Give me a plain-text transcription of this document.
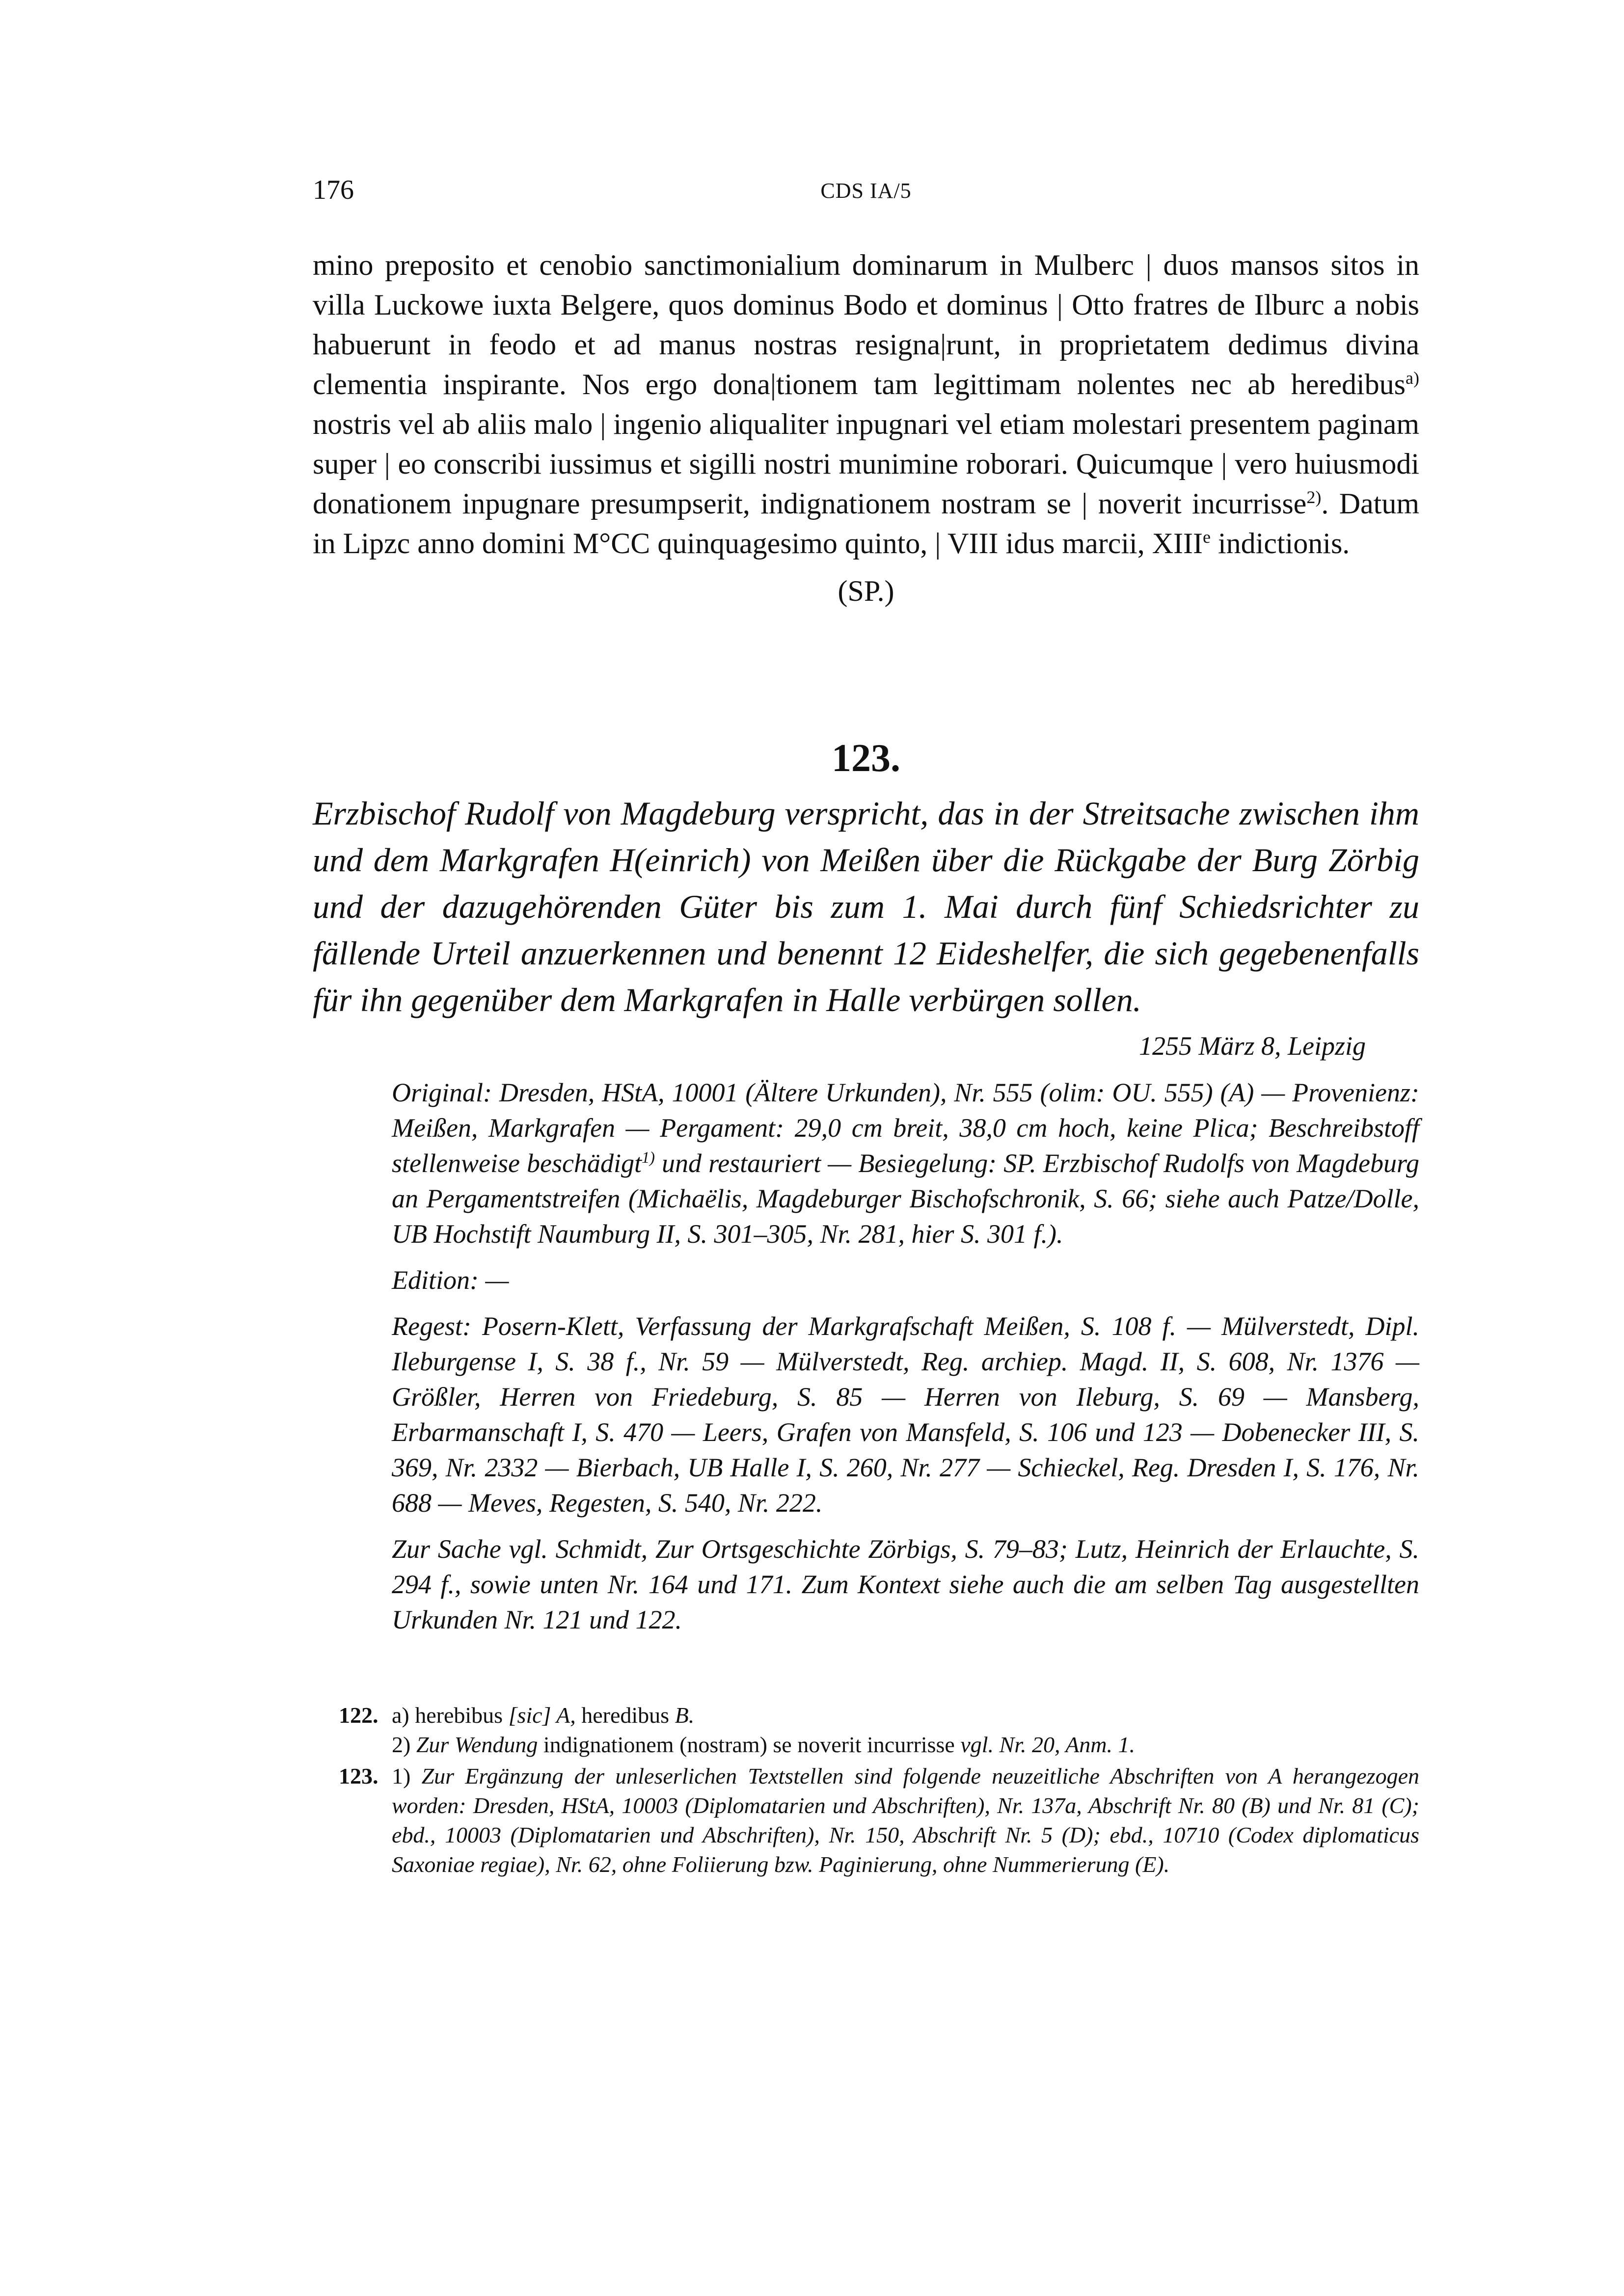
176	CDS IA/5

mino preposito et cenobio sanctimonialium dominarum in Mulberc | duos mansos sitos in villa Luckowe iuxta Belgere, quos dominus Bodo et dominus | Otto fratres de Ilburc a nobis habuerunt in feodo et ad manus nostras resigna|runt, in proprietatem dedimus divina clementia inspirante. Nos ergo dona|tionem tam legittimam nolentes nec ab heredibus$^{a)}$ nostris vel ab aliis malo | ingenio aliqualiter inpugnari vel etiam molestari presentem paginam super | eo conscribi iussimus et sigilli nostri munimine roborari. Quicumque | vero huiusmodi donationem inpugnare presumpserit, indignationem nostram se | noverit incurrisse$^{2)}$. Datum in Lipzc anno domini M°CC quinquagesimo quinto, | VIII idus marcii, XIIIe indictionis.

(SP.)
123.

Erzbischof Rudolf von Magdeburg verspricht, das in der Streitsache zwischen ihm und dem Markgrafen H(einrich) von Meißen über die Rückgabe der Burg Zörbig und der dazugehörenden Güter bis zum 1. Mai durch fünf Schiedsrichter zu fällende Urteil anzuerkennen und benennt 12 Eideshelfer, die sich gegebenenfalls für ihn gegenüber dem Markgrafen in Halle verbürgen sollen.

1255 März 8, Leipzig

Original: Dresden, HStA, 10001 (Ältere Urkunden), Nr. 555 (olim: OU. 555) (A) — Provenienz: Meißen, Markgrafen — Pergament: 29,0 cm breit, 38,0 cm hoch, keine Plica; Beschreibstoff stellenweise beschädigt$^{1)}$ und restauriert — Besiegelung: SP. Erzbischof Rudolfs von Magdeburg an Pergamentstreifen (Michaëlis, Magdeburger Bischofschronik, S. 66; siehe auch Patze/Dolle, UB Hochstift Naumburg II, S. 301–305, Nr. 281, hier S. 301 f.).

Edition: —

Regest: Posern-Klett, Verfassung der Markgrafschaft Meißen, S. 108 f. — Mülverstedt, Dipl. Ileburgense I, S. 38 f., Nr. 59 — Mülverstedt, Reg. archiep. Magd. II, S. 608, Nr. 1376 — Größler, Herren von Friedeburg, S. 85 — Herren von Ileburg, S. 69 — Mansberg, Erbarmanschaft I, S. 470 — Leers, Grafen von Mansfeld, S. 106 und 123 — Dobenecker III, S. 369, Nr. 2332 — Bierbach, UB Halle I, S. 260, Nr. 277 — Schieckel, Reg. Dresden I, S. 176, Nr. 688 — Meves, Regesten, S. 540, Nr. 222.

Zur Sache vgl. Schmidt, Zur Ortsgeschichte Zörbigs, S. 79–83; Lutz, Heinrich der Erlauchte, S. 294 f., sowie unten Nr. 164 und 171. Zum Kontext siehe auch die am selben Tag ausgestellten Urkunden Nr. 121 und 122.

122. a) herebibus [sic] A, heredibus B.

2) Zur Wendung indignationem (nostram) se noverit incurrisse vgl. Nr. 20, Anm. 1.

123. 1) Zur Ergänzung der unleserlichen Textstellen sind folgende neuzeitliche Abschriften von A herangezogen worden: Dresden, HStA, 10003 (Diplomatarien und Abschriften), Nr. 137a, Abschrift Nr. 80 (B) und Nr. 81 (C); ebd., 10003 (Diplomatarien und Abschriften), Nr. 150, Abschrift Nr. 5 (D); ebd., 10710 (Codex diplomaticus Saxoniae regiae), Nr. 62, ohne Foliierung bzw. Paginierung, ohne Nummerierung (E).
